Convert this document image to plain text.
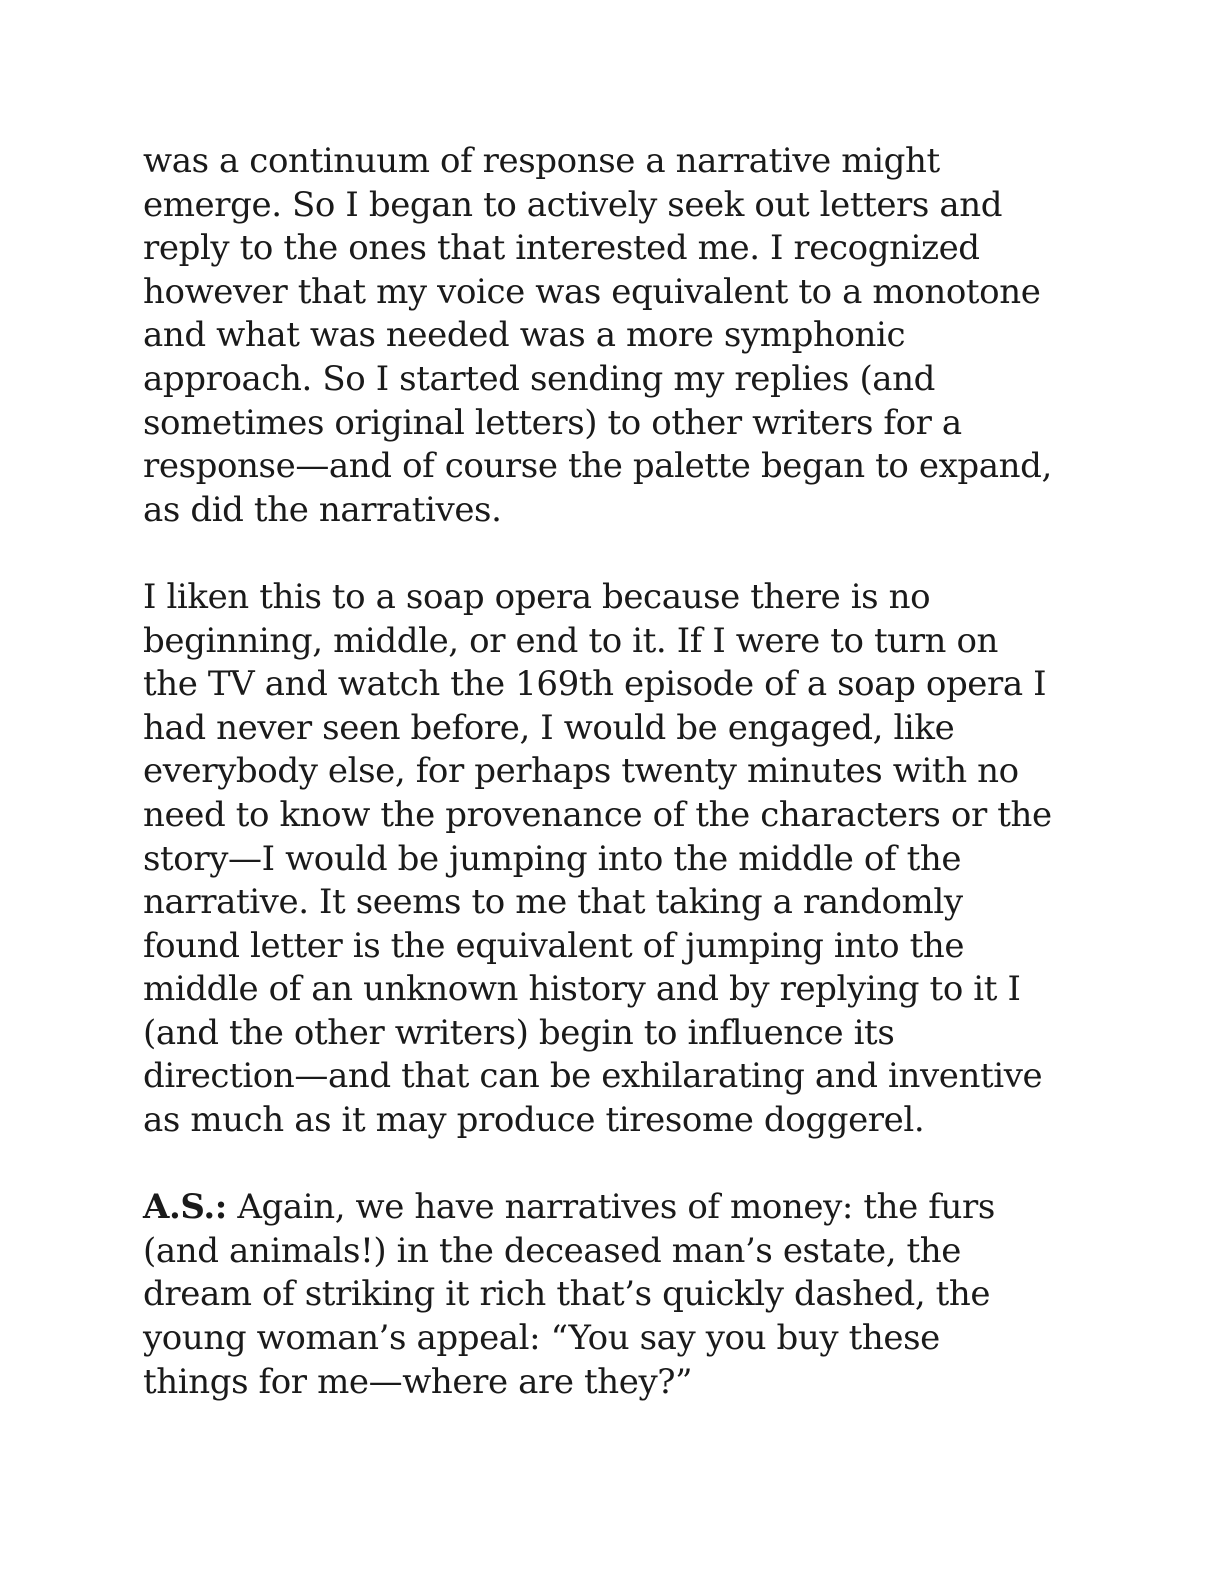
was a continuum of response a narrative might
emerge. So I began to actively seek out letters and
reply to the ones that interested me. I recognized
however that my voice was equivalent to a monotone
and what was needed was a more symphonic
approach. So I started sending my replies (and
sometimes original letters) to other writers for a
response—and of course the palette began to expand,
as did the narratives.

I liken this to a soap opera because there is no
beginning, middle, or end to it. If I were to turn on
the TV and watch the 169th episode of a soap opera I
had never seen before, I would be engaged, like
everybody else, for perhaps twenty minutes with no
need to know the provenance of the characters or the
story—I would be jumping into the middle of the
narrative. It seems to me that taking a randomly
found letter is the equivalent of jumping into the
middle of an unknown history and by replying to it I
(and the other writers) begin to influence its
direction—and that can be exhilarating and inventive
as much as it may produce tiresome doggerel.

A.S.: Again, we have narratives of money: the furs
(and animals!) in the deceased man’s estate, the
dream of striking it rich that’s quickly dashed, the
young woman’s appeal: “You say you buy these
things for me—where are they?”
